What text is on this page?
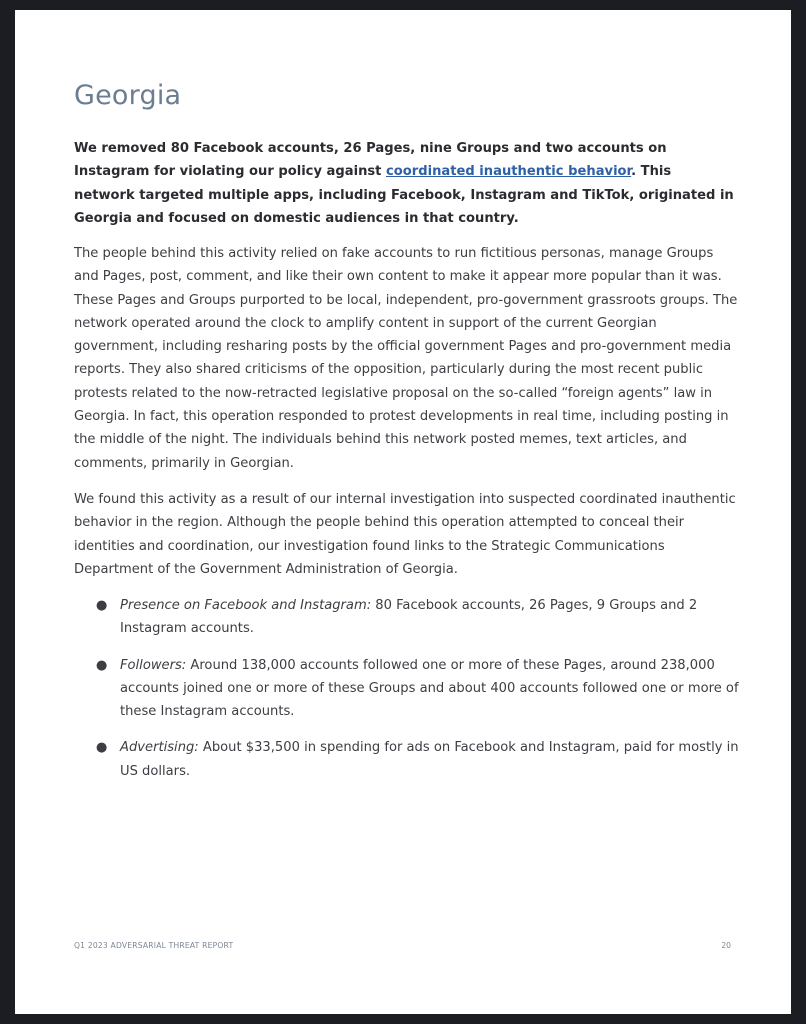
Georgia

We removed 80 Facebook accounts, 26 Pages, nine Groups and two accounts on Instagram for violating our policy against coordinated inauthentic behavior. This network targeted multiple apps, including Facebook, Instagram and TikTok, originated in Georgia and focused on domestic audiences in that country.

The people behind this activity relied on fake accounts to run fictitious personas, manage Groups and Pages, post, comment, and like their own content to make it appear more popular than it was. These Pages and Groups purported to be local, independent, pro-government grassroots groups. The network operated around the clock to amplify content in support of the current Georgian government, including resharing posts by the official government Pages and pro-government media reports. They also shared criticisms of the opposition, particularly during the most recent public protests related to the now-retracted legislative proposal on the so-called “foreign agents” law in Georgia. In fact, this operation responded to protest developments in real time, including posting in the middle of the night. The individuals behind this network posted memes, text articles, and comments, primarily in Georgian.

We found this activity as a result of our internal investigation into suspected coordinated inauthentic behavior in the region. Although the people behind this operation attempted to conceal their identities and coordination, our investigation found links to the Strategic Communications Department of the Government Administration of Georgia.

● Presence on Facebook and Instagram: 80 Facebook accounts, 26 Pages, 9 Groups and 2 Instagram accounts.
● Followers: Around 138,000 accounts followed one or more of these Pages, around 238,000 accounts joined one or more of these Groups and about 400 accounts followed one or more of these Instagram accounts.
● Advertising: About $33,500 in spending for ads on Facebook and Instagram, paid for mostly in US dollars.
Q1 2023 ADVERSARIAL THREAT REPORT	20
